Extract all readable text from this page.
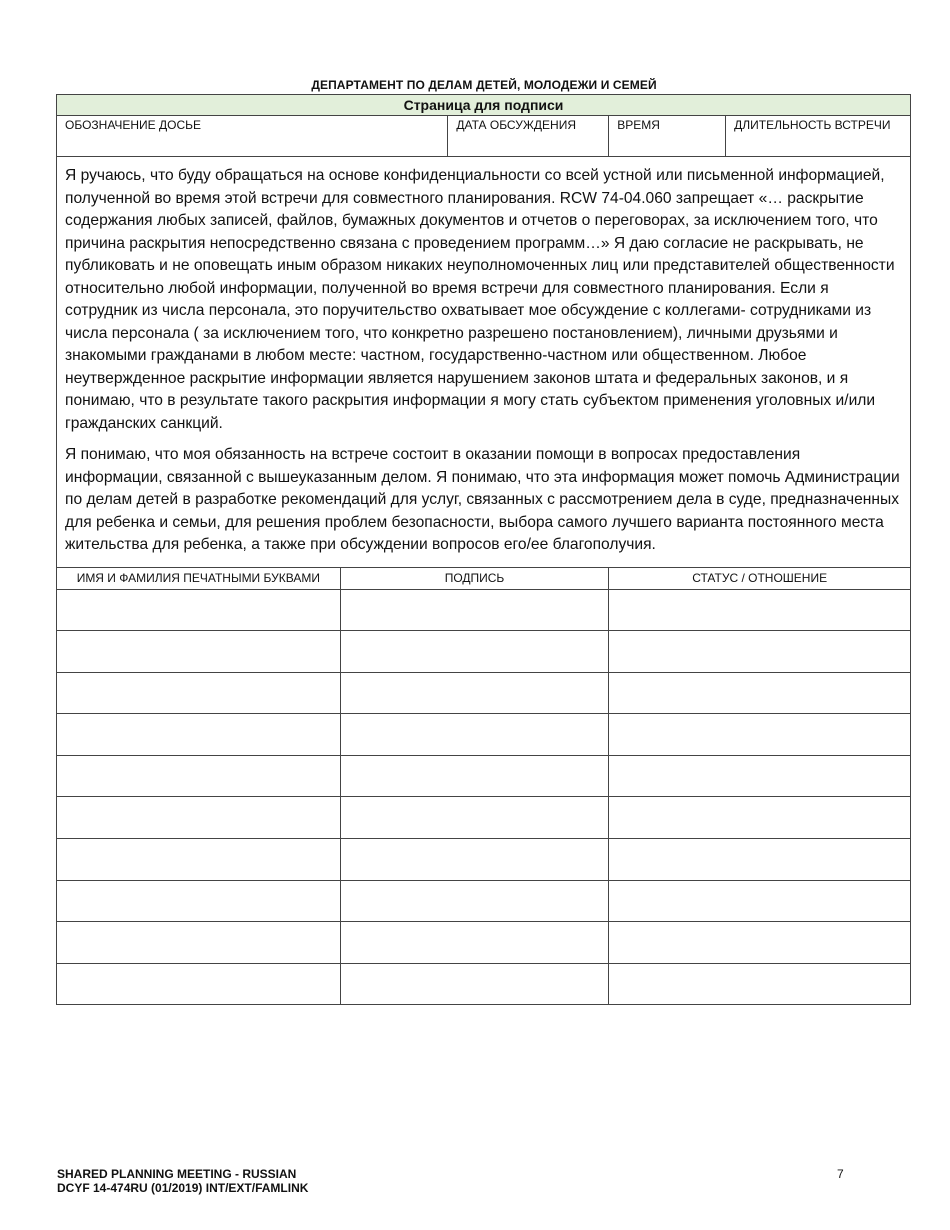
ДЕПАРТАМЕНТ ПО ДЕЛАМ ДЕТЕЙ, МОЛОДЕЖИ И СЕМЕЙ
Страница для подписи

ОБОЗНАЧЕНИЕ ДОСЬЕ	ДАТА ОБСУЖДЕНИЯ	ВРЕМЯ	ДЛИТЕЛЬНОСТЬ ВСТРЕЧИ

Я ручаюсь, что буду обращаться на основе конфиденциальности со всей устной или письменной информацией, полученной во время этой встречи для совместного планирования. RCW 74-04.060 запрещает «… раскрытие содержания любых записей, файлов, бумажных документов и отчетов о переговорах, за исключением того, что причина раскрытия непосредственно связана с проведением программ…» Я даю согласие не раскрывать, не публиковать и не оповещать иным образом никаких неуполномоченных лиц или представителей общественности относительно любой информации, полученной во время встречи для совместного планирования. Если я сотрудник из числа персонала, это поручительство охватывает мое обсуждение с коллегами- сотрудниками из числа персонала ( за исключением того, что конкретно разрешено постановлением), личными друзьями и знакомыми гражданами в любом месте: частном, государственно-частном или общественном. Любое неутвержденное раскрытие информации является нарушением законов штата и федеральных законов, и я понимаю, что в результате такого раскрытия информации я могу стать субъектом применения уголовных и/или гражданских санкций.

Я понимаю, что моя обязанность на встрече состоит в оказании помощи в вопросах предоставления информации, связанной с вышеуказанным делом. Я понимаю, что эта информация может помочь Администрации по делам детей в разработке рекомендаций для услуг, связанных с рассмотрением дела в суде, предназначенных для ребенка и семьи, для решения проблем безопасности, выбора самого лучшего варианта постоянного места жительства для ребенка, а также при обсуждении вопросов его/ее благополучия.

ИМЯ И ФАМИЛИЯ ПЕЧАТНЫМИ БУКВАМИ	ПОДПИСЬ	СТАТУС / ОТНОШЕНИЕ

SHARED PLANNING MEETING - RUSSIAN
DCYF 14-474RU (01/2019) INT/EXT/FAMLINK
7
